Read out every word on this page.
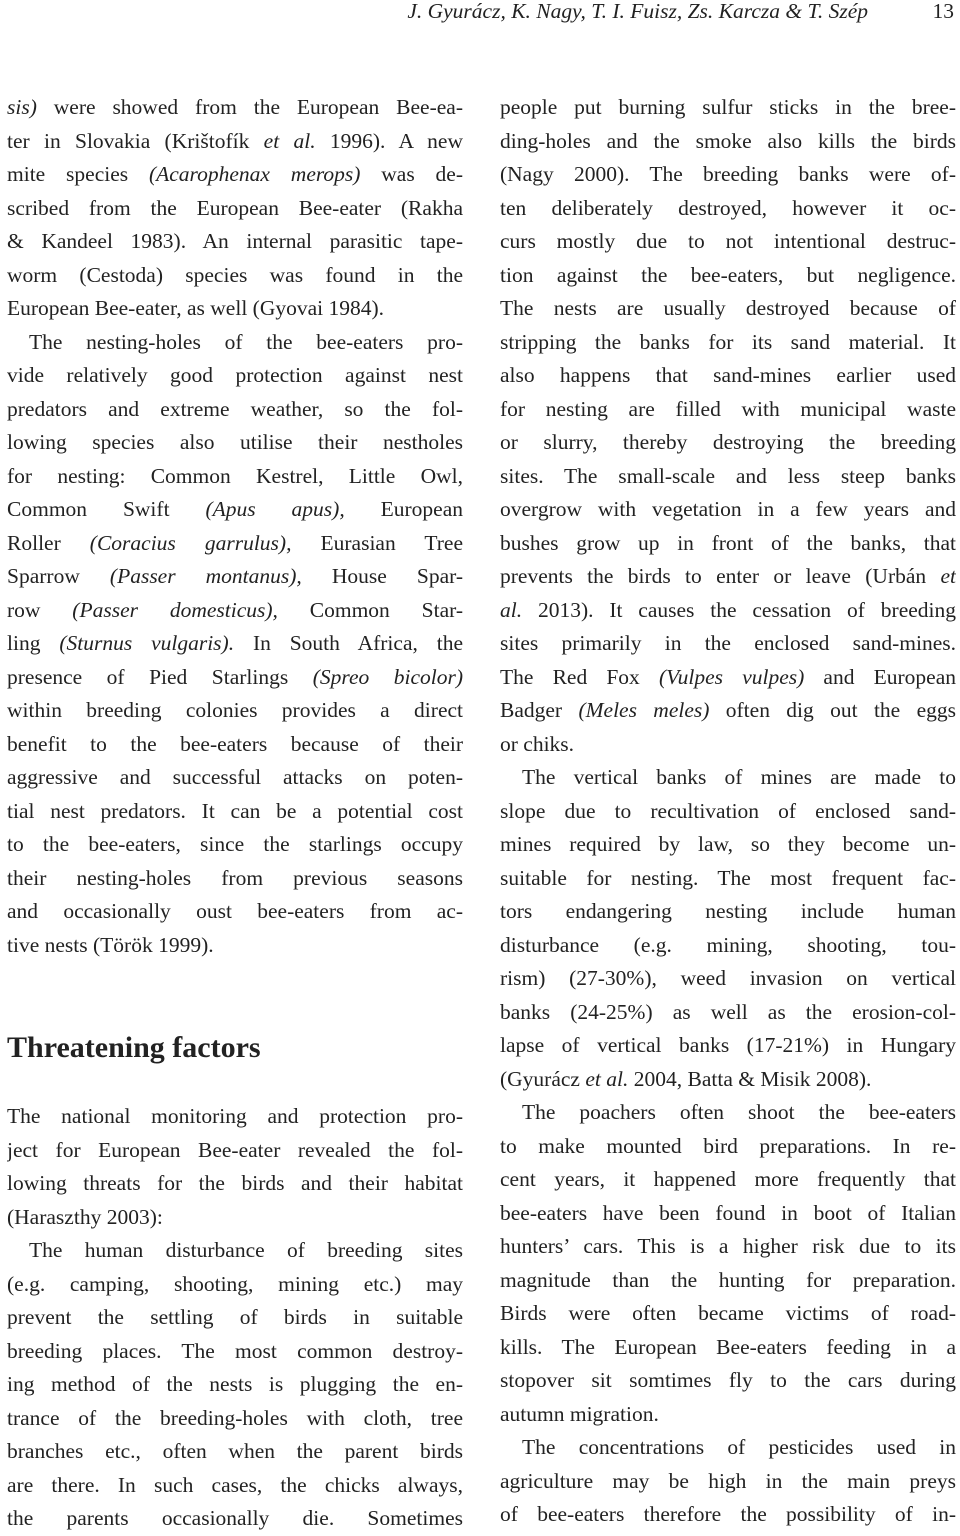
J. Gyurácz, K. Nagy, T. I. Fuisz, Zs. Karcza & T. Szép	13
sis) were showed from the European Bee-ea-
ter in Slovakia (Krištofík et al. 1996). A new
mite species (Acarophenax merops) was de-
scribed from the European Bee-eater (Rakha
& Kandeel 1983). An internal parasitic tape-
worm (Cestoda) species was found in the
European Bee-eater, as well (Gyovai 1984).
The nesting-holes of the bee-eaters pro-
vide relatively good protection against nest
predators and extreme weather, so the fol-
lowing species also utilise their nestholes
for nesting: Common Kestrel, Little Owl,
Common Swift (Apus apus), European
Roller (Coracius garrulus), Eurasian Tree
Sparrow (Passer montanus), House Spar-
row (Passer domesticus), Common Star-
ling (Sturnus vulgaris). In South Africa, the
presence of Pied Starlings (Spreo bicolor)
within breeding colonies provides a direct
benefit to the bee-eaters because of their
aggressive and successful attacks on poten-
tial nest predators. It can be a potential cost
to the bee-eaters, since the starlings occupy
their nesting-holes from previous seasons
and occasionally oust bee-eaters from ac-
tive nests (Török 1999).
Threatening factors
The national monitoring and protection pro-
ject for European Bee-eater revealed the fol-
lowing threats for the birds and their habitat
(Haraszthy 2003):
The human disturbance of breeding sites
(e.g. camping, shooting, mining etc.) may
prevent the settling of birds in suitable
breeding places. The most common destroy-
ing method of the nests is plugging the en-
trance of the breeding-holes with cloth, tree
branches etc., often when the parent birds
are there. In such cases, the chicks always,
the parents occasionally die. Sometimes
people put burning sulfur sticks in the bree-
ding-holes and the smoke also kills the birds
(Nagy 2000). The breeding banks were of-
ten deliberately destroyed, however it oc-
curs mostly due to not intentional destruc-
tion against the bee-eaters, but negligence.
The nests are usually destroyed because of
stripping the banks for its sand material. It
also happens that sand-mines earlier used
for nesting are filled with municipal waste
or slurry, thereby destroying the breeding
sites. The small-scale and less steep banks
overgrow with vegetation in a few years and
bushes grow up in front of the banks, that
prevents the birds to enter or leave (Urbán et
al. 2013). It causes the cessation of breeding
sites primarily in the enclosed sand-mines.
The Red Fox (Vulpes vulpes) and European
Badger (Meles meles) often dig out the eggs
or chiks.
The vertical banks of mines are made to
slope due to recultivation of enclosed sand-
mines required by law, so they become un-
suitable for nesting. The most frequent fac-
tors endangering nesting include human
disturbance (e.g. mining, shooting, tou-
rism) (27-30%), weed invasion on vertical
banks (24-25%) as well as the erosion-col-
lapse of vertical banks (17-21%) in Hungary
(Gyurácz et al. 2004, Batta & Misik 2008).
The poachers often shoot the bee-eaters
to make mounted bird preparations. In re-
cent years, it happened more frequently that
bee-eaters have been found in boot of Italian
hunters’ cars. This is a higher risk due to its
magnitude than the hunting for preparation.
Birds were often became victims of road-
kills. The European Bee-eaters feeding in a
stopover sit somtimes fly to the cars during
autumn migration.
The concentrations of pesticides used in
agriculture may be high in the main preys
of bee-eaters therefore the possibility of in-
